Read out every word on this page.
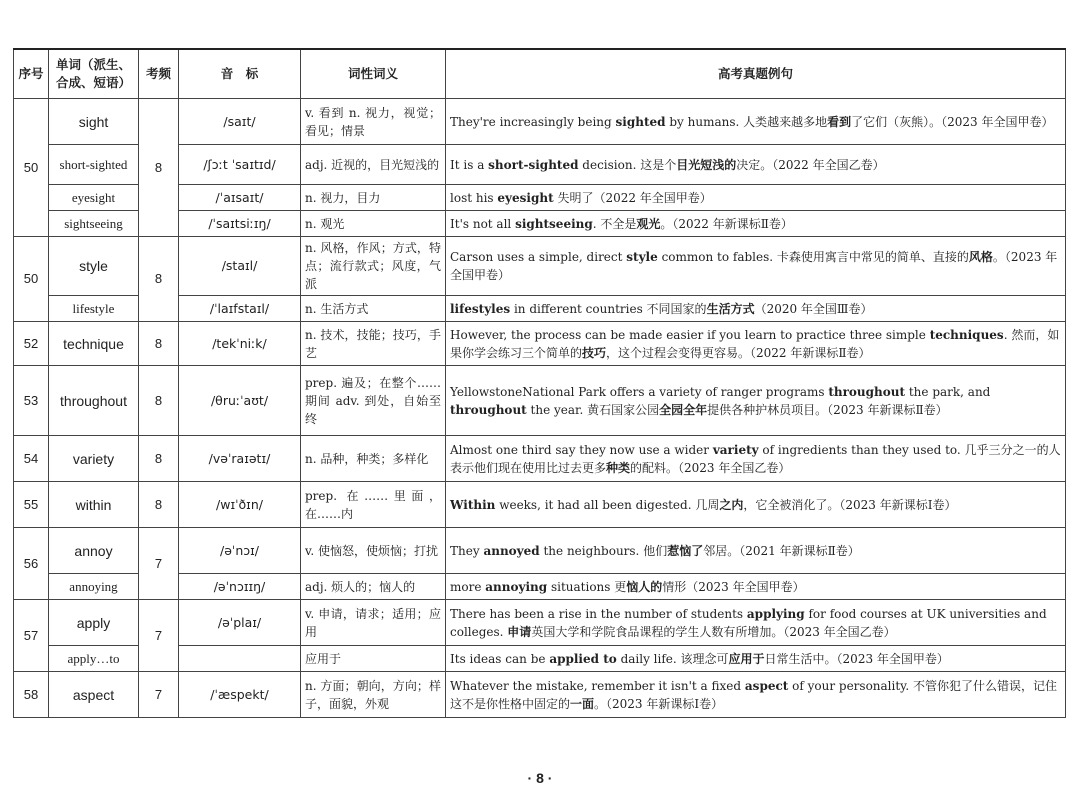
序号	单词（派生、合成、短语）	考频	音　标	词性词义	高考真题例句
50	sight	8	/saɪt/	v. 看到 n. 视力，视觉；看见；情景	They're increasingly being sighted by humans. 人类越来越多地看到了它们（灰熊）。（2023 年全国甲卷）
	short-sighted		/ʃɔːt ˈsaɪtɪd/	adj. 近视的，目光短浅的	It is a short-sighted decision. 这是个目光短浅的决定。（2022 年全国乙卷）
	eyesight		/ˈaɪsaɪt/	n. 视力，目力	lost his eyesight 失明了（2022 年全国甲卷）
	sightseeing		/ˈsaɪtsiːɪŋ/	n. 观光	It's not all sightseeing. 不全是观光。（2022 年新课标Ⅱ卷）
50	style	8	/staɪl/	n. 风格，作风；方式，特点；流行款式；风度，气派	Carson uses a simple, direct style common to fables. 卡森使用寓言中常见的简单、直接的风格。（2023 年全国甲卷）
	lifestyle		/ˈlaɪfstaɪl/	n. 生活方式	lifestyles in different countries 不同国家的生活方式（2020 年全国Ⅲ卷）
52	technique	8	/tekˈniːk/	n. 技术，技能；技巧，手艺	However, the process can be made easier if you learn to practice three simple techniques. 然而，如果你学会练习三个简单的技巧，这个过程会变得更容易。（2022 年新课标Ⅱ卷）
53	throughout	8	/θruːˈaʊt/	prep. 遍及；在整个……期间 adv. 到处，自始至终	YellowstoneNational Park offers a variety of ranger programs throughout the park, and throughout the year. 黄石国家公园全园全年提供各种护林员项目。（2023 年新课标Ⅱ卷）
54	variety	8	/vəˈraɪətɪ/	n. 品种，种类；多样化	Almost one third say they now use a wider variety of ingredients than they used to. 几乎三分之一的人表示他们现在使用比过去更多种类的配料。（2023 年全国乙卷）
55	within	8	/wɪˈðɪn/	prep. 在……里面，在……内	Within weeks, it had all been digested. 几周之内，它全被消化了。（2023 年新课标Ⅰ卷）
56	annoy	7	/əˈnɔɪ/	v. 使恼怒，使烦恼；打扰	They annoyed the neighbours. 他们惹恼了邻居。（2021 年新课标Ⅱ卷）
	annoying		/əˈnɔɪɪŋ/	adj. 烦人的；恼人的	more annoying situations 更恼人的情形（2023 年全国甲卷）
57	apply	7	/əˈplaɪ/	v. 申请，请求；适用；应用	There has been a rise in the number of students applying for food courses at UK universities and colleges. 申请英国大学和学院食品课程的学生人数有所增加。（2023 年全国乙卷）
	apply…to			应用于	Its ideas can be applied to daily life. 该理念可应用于日常生活中。（2023 年全国甲卷）
58	aspect	7	/ˈæspekt/	n. 方面；朝向，方向；样子，面貌，外观	Whatever the mistake, remember it isn't a fixed aspect of your personality. 不管你犯了什么错误，记住这不是你性格中固定的一面。（2023 年新课标Ⅰ卷）
· 8 ·
